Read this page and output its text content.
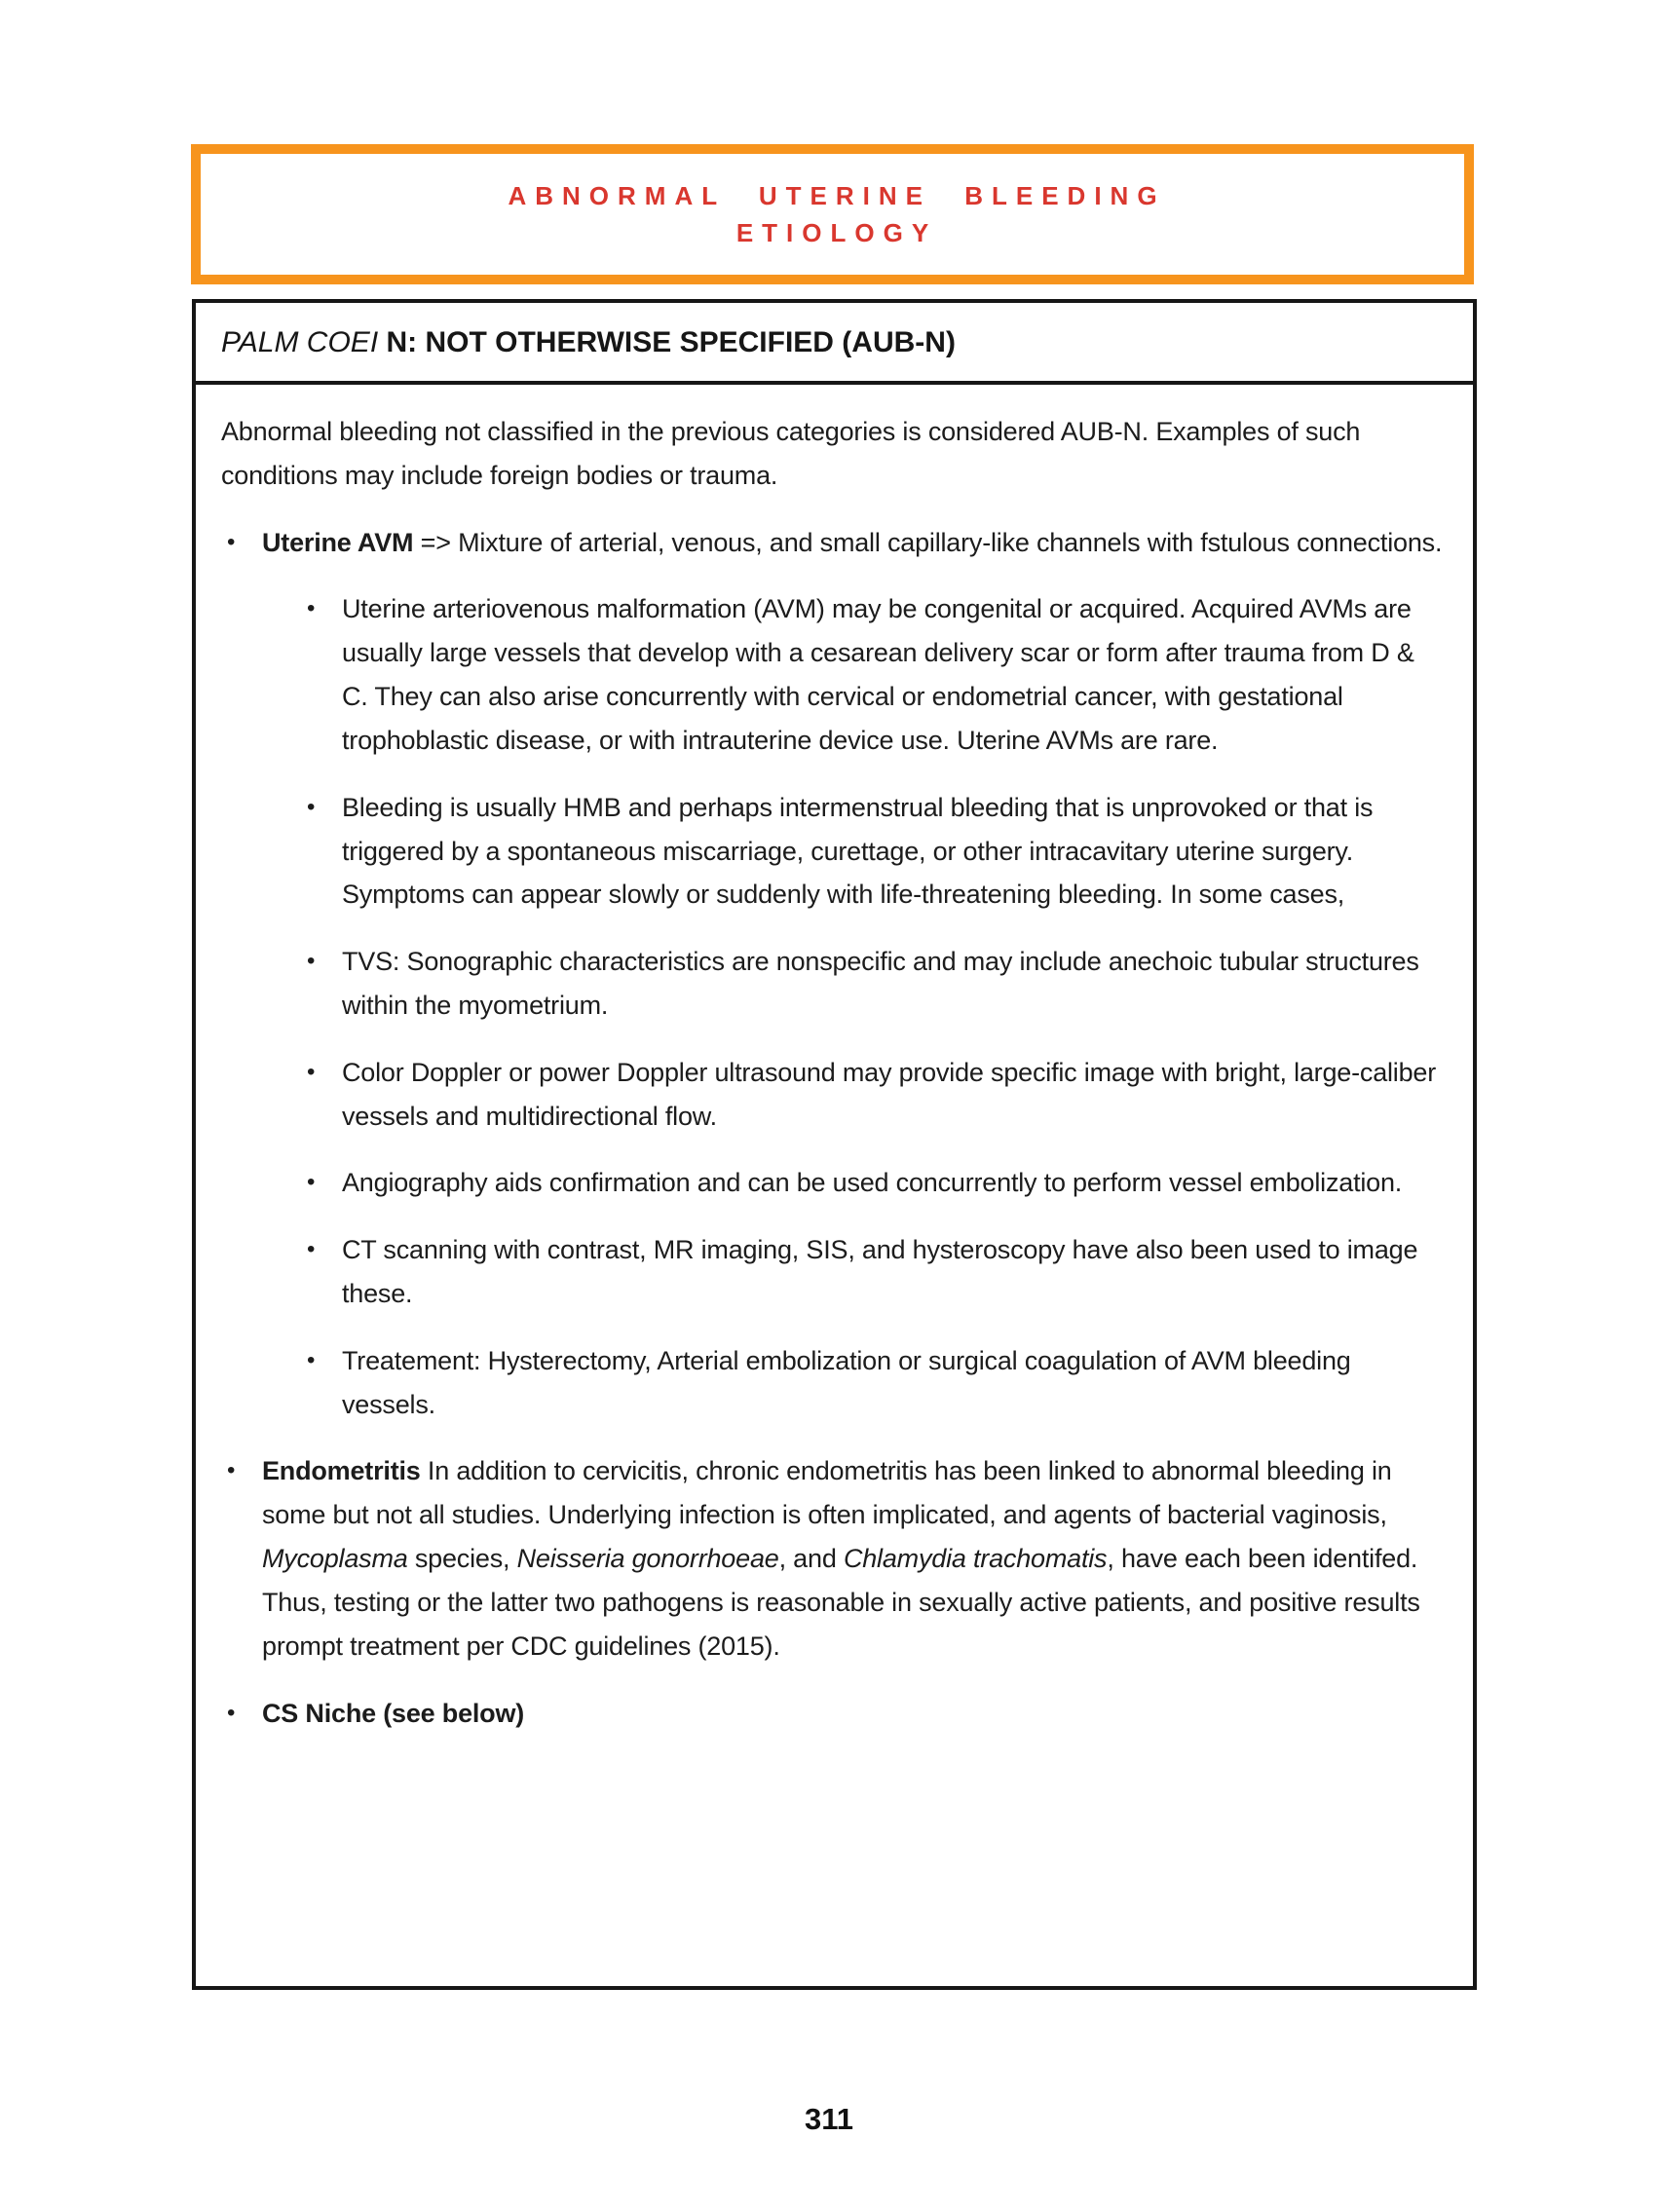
ABNORMAL UTERINE BLEEDING
ETIOLOGY
PALM COEI N: NOT OTHERWISE SPECIFIED (AUB-N)
Abnormal bleeding not classified in the previous categories is considered AUB-N. Examples of such conditions may include foreign bodies or trauma.
•	Uterine AVM => Mixture of arterial, venous, and small capillary-like channels with fstulous connections.
•	Uterine arteriovenous malformation (AVM) may be congenital or acquired. Acquired AVMs are usually large vessels that develop with a cesarean delivery scar or form after trauma from D & C. They can also arise concurrently with cervical or endometrial cancer, with gestational trophoblastic disease, or with intrauterine device use. Uterine AVMs are rare.
•	Bleeding is usually HMB and perhaps intermenstrual bleeding that is unprovoked or that is triggered by a spontaneous miscarriage, curettage, or other intracavitary uterine surgery. Symptoms can appear slowly or suddenly with life-threatening bleeding. In some cases,
•	TVS: Sonographic characteristics are nonspecific and may include anechoic tubular structures within the myometrium.
•	Color Doppler or power Doppler ultrasound may provide specific image with bright, large-caliber vessels and multidirectional flow.
•	Angiography aids confirmation and can be used concurrently to perform vessel embolization.
•	CT scanning with contrast, MR imaging, SIS, and hysteroscopy have also been used to image these.
•	Treatement: Hysterectomy, Arterial embolization or surgical coagulation of AVM bleeding vessels.
•	Endometritis In addition to cervicitis, chronic endometritis has been linked to abnormal bleeding in some but not all studies. Underlying infection is often implicated, and agents of bacterial vaginosis, Mycoplasma species, Neisseria gonorrhoeae, and Chlamydia trachomatis, have each been identifed. Thus, testing or the latter two pathogens is reasonable in sexually active patients, and positive results prompt treatment per CDC guidelines (2015).
•	CS Niche (see below)
311
